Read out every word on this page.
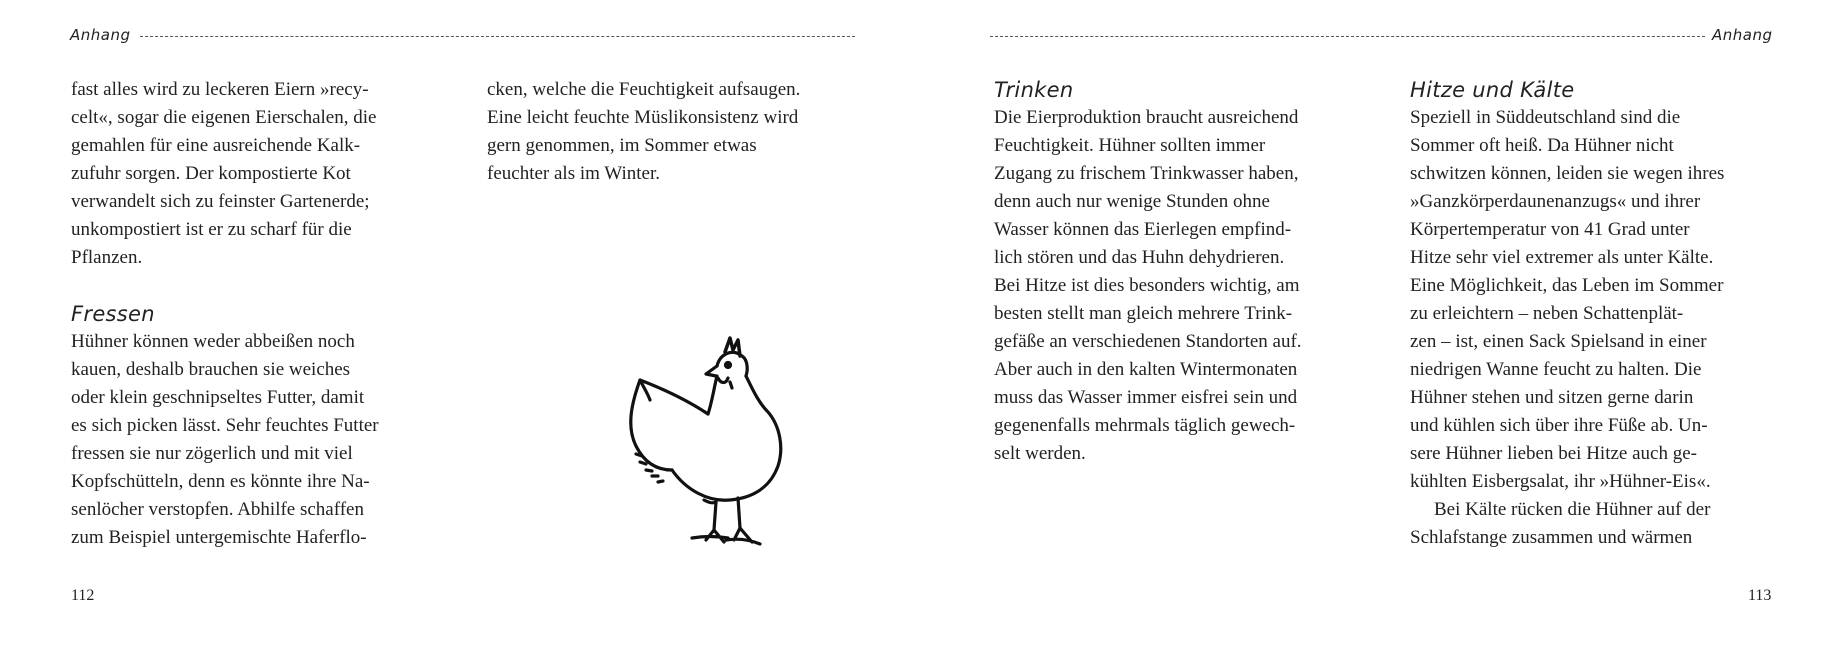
Anhang

fast alles wird zu leckeren Eiern »recy-

celt«, sogar die eigenen Eierschalen, die

gemahlen für eine ausreichende Kalk-

zufuhr sorgen. Der kompostierte Kot

verwandelt sich zu feinster Gartenerde;

unkompostiert ist er zu scharf für die

Pflanzen.

Fressen

Hühner können weder abbeißen noch

kauen, deshalb brauchen sie weiches

oder klein geschnipseltes Futter, damit

es sich picken lässt. Sehr feuchtes Futter

fressen sie nur zögerlich und mit viel

Kopfschütteln, denn es könnte ihre Na-

senlöcher verstopfen. Abhilfe schaffen

zum Beispiel untergemischte Haferflo-

cken, welche die Feuchtigkeit aufsaugen.

Eine leicht feuchte Müslikonsistenz wird

gern genommen, im Sommer etwas

feuchter als im Winter.

112
Anhang

Trinken

Die Eierproduktion braucht ausreichend

Feuchtigkeit. Hühner sollten immer

Zugang zu frischem Trinkwasser haben,

denn auch nur wenige Stunden ohne

Wasser können das Eierlegen empfind-

lich stören und das Huhn dehydrieren.

Bei Hitze ist dies besonders wichtig, am

besten stellt man gleich mehrere Trink-

gefäße an verschiedenen Standorten auf.

Aber auch in den kalten Wintermonaten

muss das Wasser immer eisfrei sein und

gegenenfalls mehrmals täglich gewech-

selt werden.

Hitze und Kälte

Speziell in Süddeutschland sind die

Sommer oft heiß. Da Hühner nicht

schwitzen können, leiden sie wegen ihres

»Ganzkörperdaunenanzugs« und ihrer

Körpertemperatur von 41 Grad unter

Hitze sehr viel extremer als unter Kälte.

Eine Möglichkeit, das Leben im Sommer

zu erleichtern – neben Schattenplät-

zen – ist, einen Sack Spielsand in einer

niedrigen Wanne feucht zu halten. Die

Hühner stehen und sitzen gerne darin

und kühlen sich über ihre Füße ab. Un-

sere Hühner lieben bei Hitze auch ge-

kühlten Eisbergsalat, ihr »Hühner-Eis«.

Bei Kälte rücken die Hühner auf der

Schlafstange zusammen und wärmen

113
